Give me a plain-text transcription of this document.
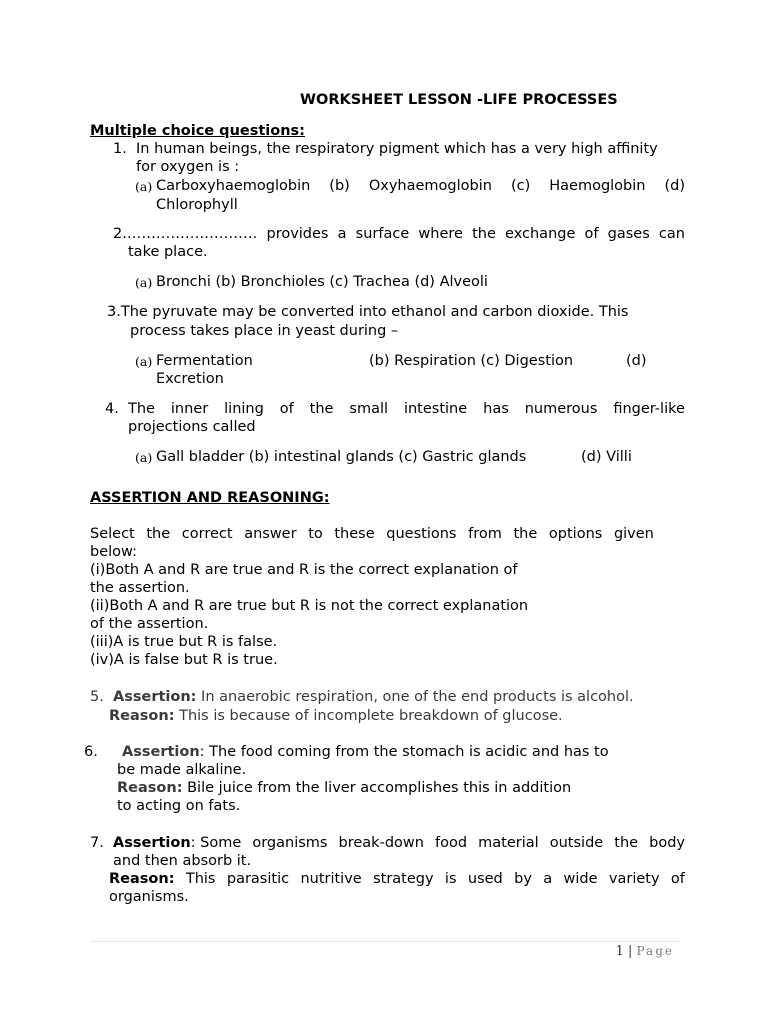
WORKSHEET LESSON -LIFE PROCESSES
Multiple choice questions:
1. In human beings, the respiratory pigment which has a very high affinity
for oxygen is :
(a) Carboxyhaemoglobin (b) Oxyhaemoglobin (c) Haemoglobin (d)
Chlorophyll
2.……………………… provides a surface where the exchange of gases can
take place.
(a) Bronchi (b) Bronchioles (c) Trachea (d) Alveoli
3.The pyruvate may be converted into ethanol and carbon dioxide. This
process takes place in yeast during –
(a) Fermentation	(b) Respiration (c) Digestion	(d)
Excretion
4. The inner lining of the small intestine has numerous finger-like
projections called
(a) Gall bladder (b) intestinal glands (c) Gastric glands	(d) Villi
ASSERTION AND REASONING:
Select the correct answer to these questions from the options given
below:
(i)Both A and R are true and R is the correct explanation of
the assertion.
(ii)Both A and R are true but R is not the correct explanation
of the assertion.
(iii)A is true but R is false.
(iv)A is false but R is true.
5. Assertion: In anaerobic respiration, one of the end products is alcohol.
Reason: This is because of incomplete breakdown of glucose.
6. Assertion: The food coming from the stomach is acidic and has to
be made alkaline.
Reason: Bile juice from the liver accomplishes this in addition
to acting on fats.
7. Assertion: Some organisms break-down food material outside the body
and then absorb it.
Reason: This parasitic nutritive strategy is used by a wide variety of
organisms.
1 | Page
